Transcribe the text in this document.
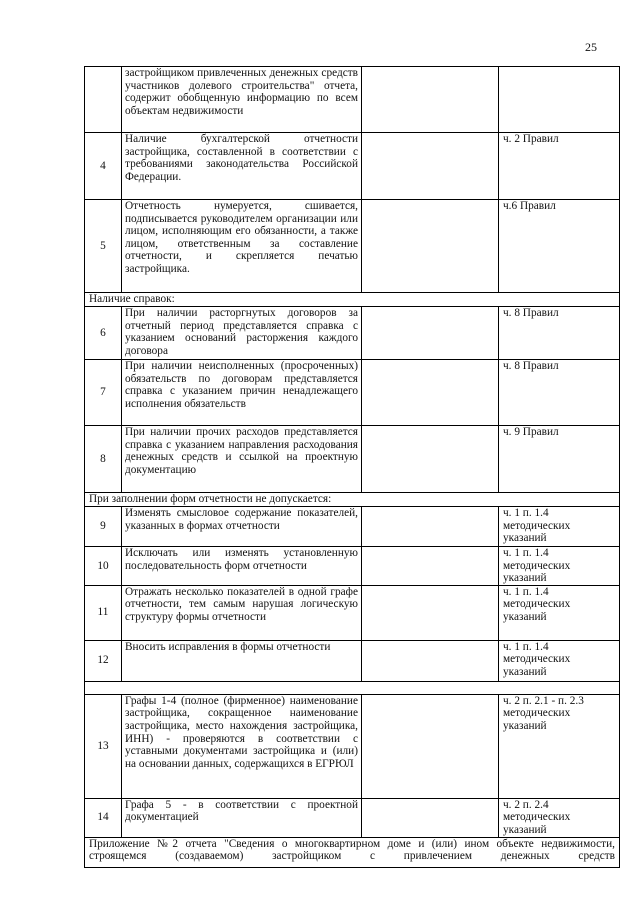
25
	застройщиком привлеченных денежных средств участников долевого строительства" отчета, содержит обобщенную информацию по всем объектам недвижимости		
4	Наличие бухгалтерской отчетности застройщика, составленной в соответствии с требованиями законодательства Российской Федерации.		ч. 2 Правил
5	Отчетность нумеруется, сшивается, подписывается руководителем организации или лицом, исполняющим его обязанности, а также лицом, ответственным за составление отчетности, и скрепляется печатью застройщика.		ч.6 Правил
Наличие справок:			
6	При наличии расторгнутых договоров за отчетный период представляется справка с указанием оснований расторжения каждого договора		ч. 8 Правил
7	При наличии неисполненных (просроченных) обязательств по договорам представляется справка с указанием причин ненадлежащего исполнения обязательств		ч. 8 Правил
8	При наличии прочих расходов представляется справка с указанием направления расходования денежных средств и ссылкой на проектную документацию		ч. 9 Правил
При заполнении форм отчетности не допускается:			
9	Изменять смысловое содержание показателей, указанных в формах отчетности		ч. 1 п. 1.4 методических указаний

10	Исключать или изменять установленную последовательность форм отчетности		ч. 1 п. 1.4 методических указаний

11	Отражать несколько показателей в одной графе отчетности, тем самым нарушая логическую структуру формы отчетности		ч. 1 п. 1.4 методических указаний

12	Вносить исправления в формы отчетности		ч. 1 п. 1.4 методических указаний

13	Графы 1-4 (полное (фирменное) наименование застройщика, сокращенное наименование застройщика, место нахождения застройщика, ИНН) - проверяются в соответствии с уставными документами застройщика и (или) на основании данных, содержащихся в ЕГРЮЛ		ч. 2 п. 2.1 - п. 2.3 методических указаний

14	Графа 5 - в соответствии с проектной документацией		ч. 2 п. 2.4 методических указаний

Приложение №2 отчета "Сведения о многоквартирном доме и (или) ином объекте недвижимости, строящемся (создаваемом) застройщиком с привлечением денежных средств			
